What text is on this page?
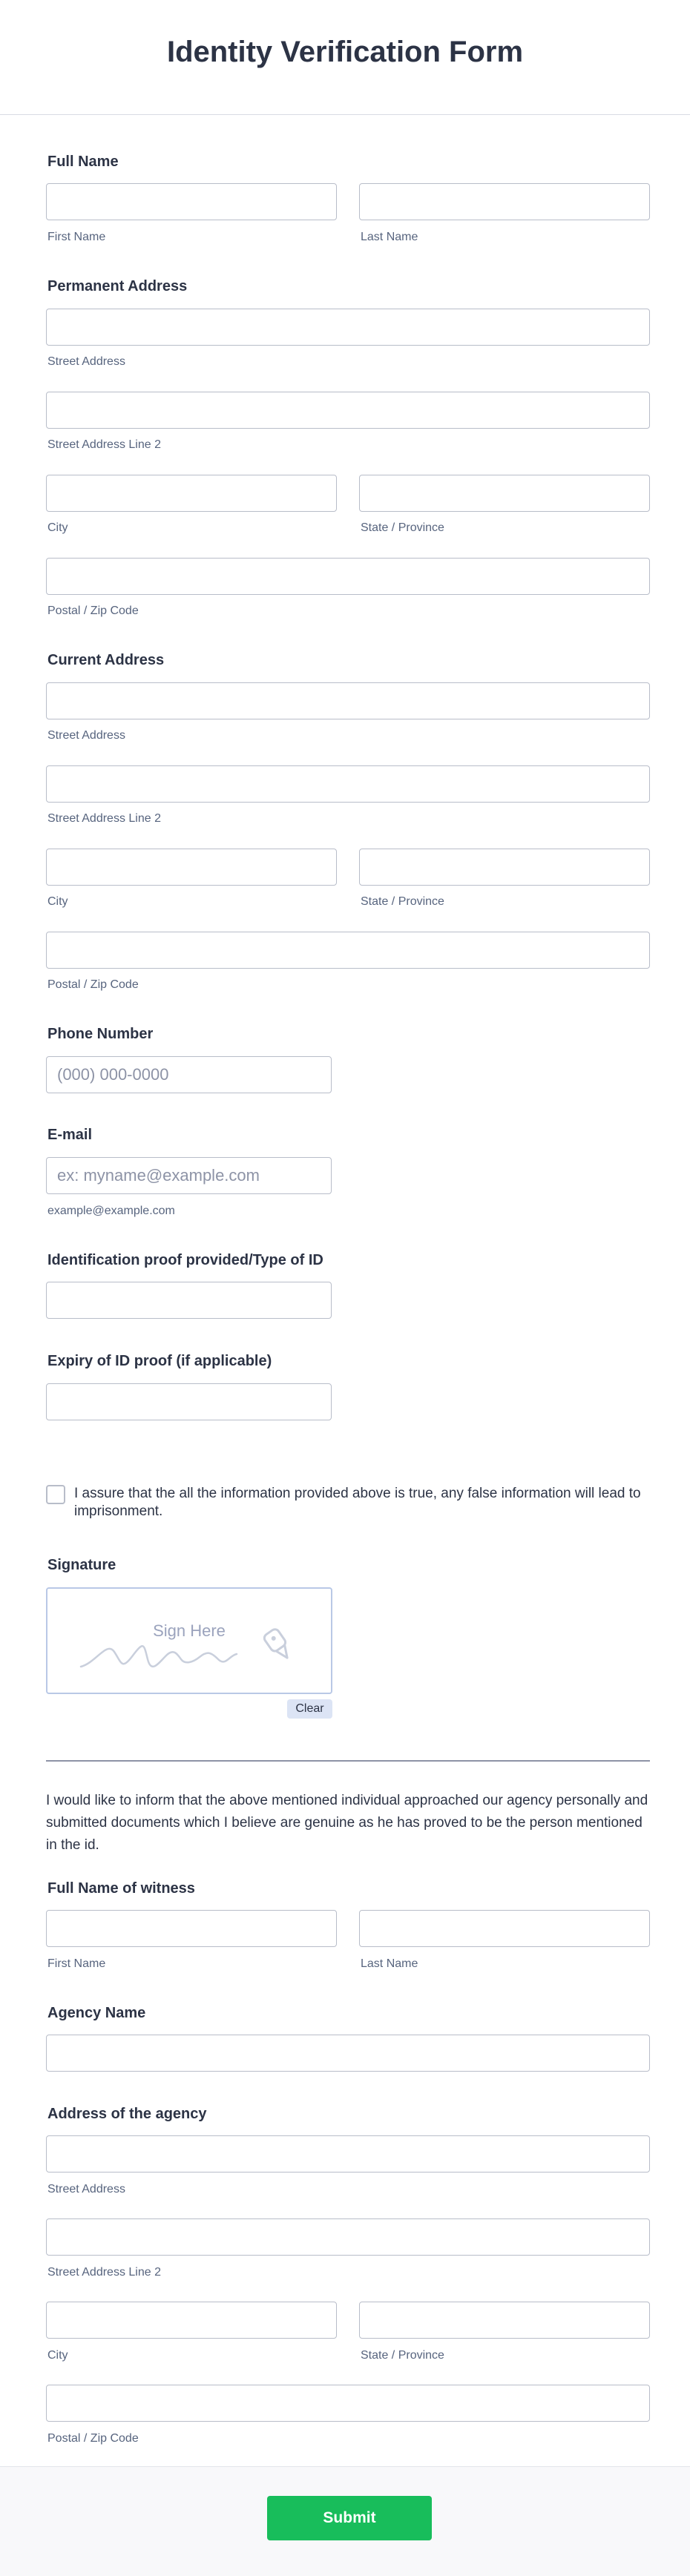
Identity Verification Form
Full Name
First Name	Last Name
Permanent Address
Street Address
Street Address Line 2
City	State / Province
Postal / Zip Code
Current Address
Street Address
Street Address Line 2
City	State / Province
Postal / Zip Code
Phone Number
(000) 000-0000
E-mail
ex: myname@example.com
example@example.com
Identification proof provided/Type of ID
Expiry of ID proof (if applicable)
I assure that the all the information provided above is true, any false information will lead to imprisonment.
Signature
Sign Here
Clear
I would like to inform that the above mentioned individual approached our agency personally and submitted documents which I believe are genuine as he has proved to be the person mentioned in the id.
Full Name of witness
First Name	Last Name
Agency Name
Address of the agency
Street Address
Street Address Line 2
City	State / Province
Postal / Zip Code
Submit
